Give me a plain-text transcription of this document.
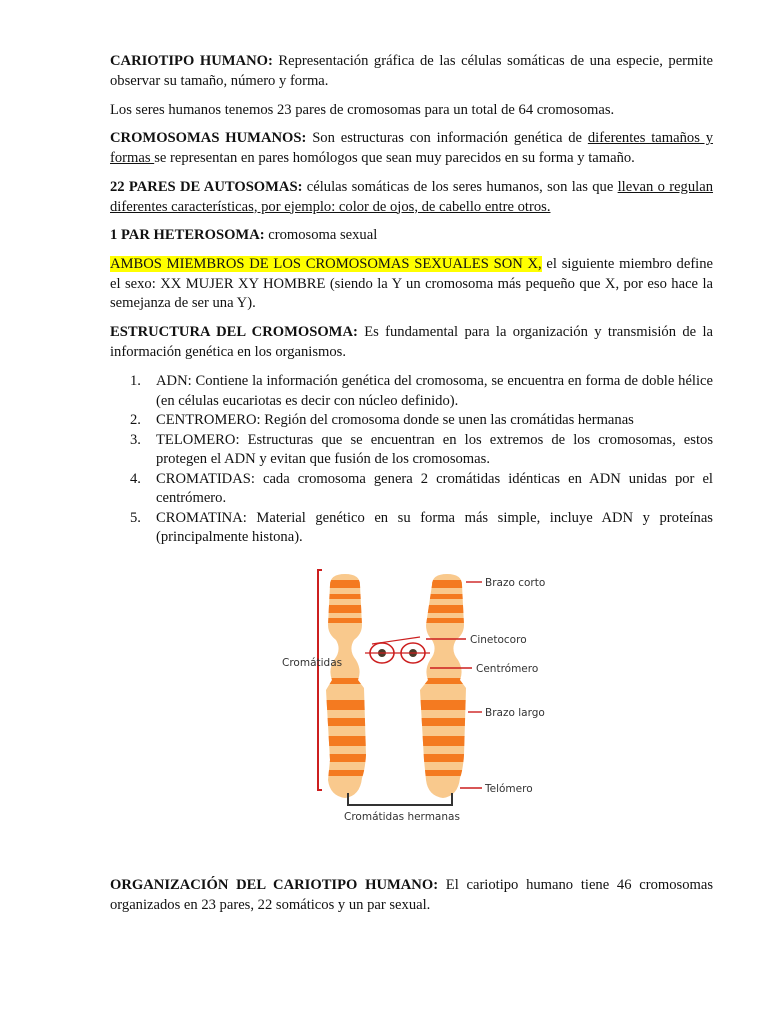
CARIOTIPO HUMANO: Representación gráfica de las células somáticas de una especie, permite observar su tamaño, número y forma.

Los seres humanos tenemos 23 pares de cromosomas para un total de 64 cromosomas.

CROMOSOMAS HUMANOS: Son estructuras con información genética de diferentes tamaños y formas se representan en pares homólogos que sean muy parecidos en su forma y tamaño.

22 PARES DE AUTOSOMAS: células somáticas de los seres humanos, son las que llevan o regulan diferentes características, por ejemplo: color de ojos, de cabello entre otros.

1 PAR HETEROSOMA: cromosoma sexual

AMBOS MIEMBROS DE LOS CROMOSOMAS SEXUALES SON X, el siguiente miembro define el sexo: XX MUJER XY HOMBRE (siendo la Y un cromosoma más pequeño que X, por eso hace la semejanza de ser una Y).

ESTRUCTURA DEL CROMOSOMA: Es fundamental para la organización y transmisión de la información genética en los organismos.

1. ADN: Contiene la información genética del cromosoma, se encuentra en forma de doble hélice (en células eucariotas es decir con núcleo definido).
2. CENTROMERO: Región del cromosoma donde se unen las cromátidas hermanas
3. TELOMERO: Estructuras que se encuentran en los extremos de los cromosomas, estos protegen el ADN y evitan que fusión de los cromosomas.
4. CROMATIDAS: cada cromosoma genera 2 cromátidas idénticas en ADN unidas por el centrómero.
5. CROMATINA: Material genético en su forma más simple, incluye ADN y proteínas (principalmente histona).
Brazo corto
Cinetocoro
Cromátidas	Centrómero
Brazo largo
Telómero
Cromátidas hermanas

ORGANIZACIÓN DEL CARIOTIPO HUMANO: El cariotipo humano tiene 46 cromosomas organizados en 23 pares, 22 somáticos y un par sexual.
